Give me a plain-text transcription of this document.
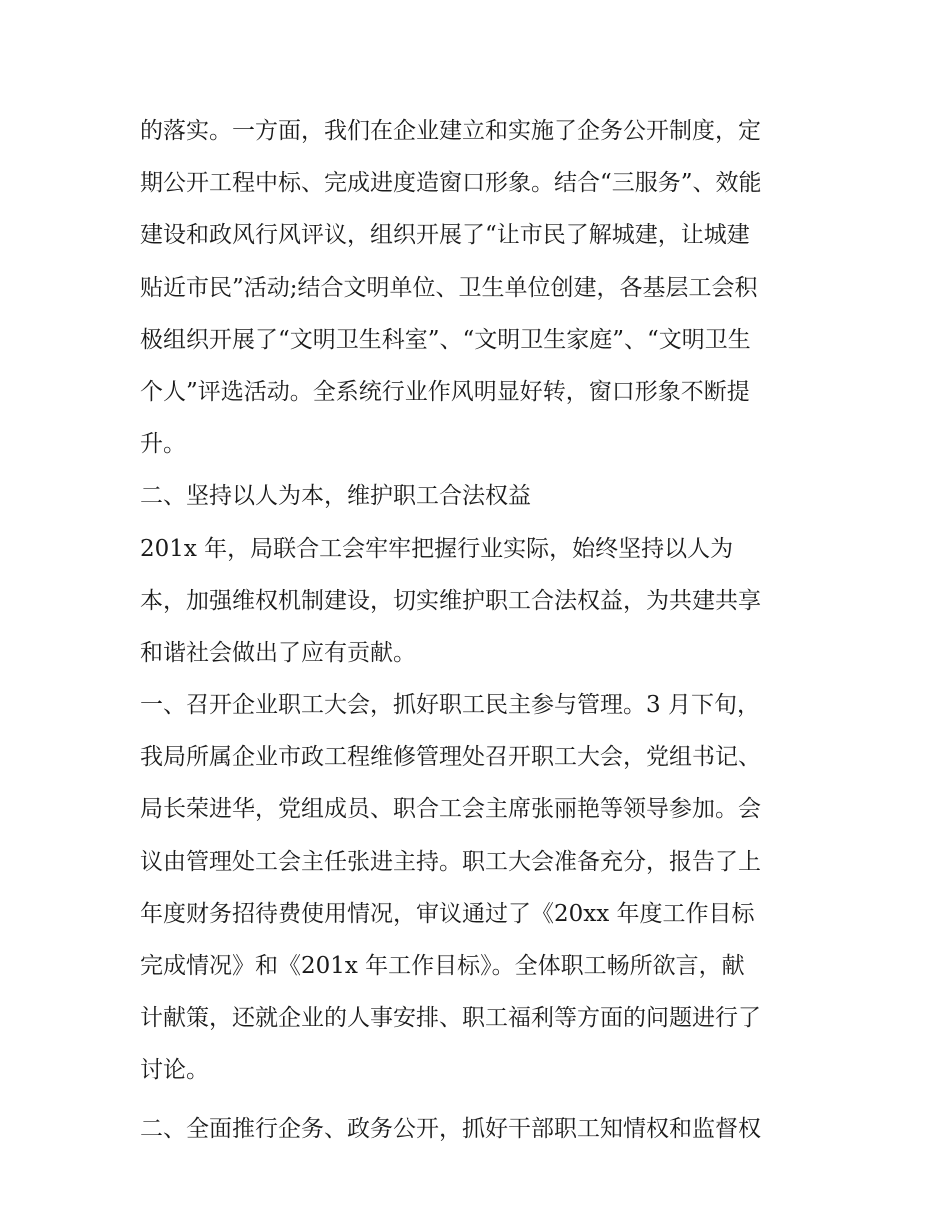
的落实。一方面，我们在企业建立和实施了企务公开制度，定

期公开工程中标、完成进度造窗口形象。结合“三服务”、效能

建设和政风行风评议，组织开展了“让市民了解城建，让城建

贴近市民”活动;结合文明单位、卫生单位创建，各基层工会积

极组织开展了“文明卫生科室”、“文明卫生家庭”、“文明卫生

个人”评选活动。全系统行业作风明显好转，窗口形象不断提

升。

二、坚持以人为本，维护职工合法权益

201x 年，局联合工会牢牢把握行业实际，始终坚持以人为

本，加强维权机制建设，切实维护职工合法权益，为共建共享

和谐社会做出了应有贡献。

一、召开企业职工大会，抓好职工民主参与管理。3 月下旬，

我局所属企业市政工程维修管理处召开职工大会，党组书记、

局长荣进华，党组成员、职合工会主席张丽艳等领导参加。会

议由管理处工会主任张进主持。职工大会准备充分，报告了上

年度财务招待费使用情况，审议通过了《20xx 年度工作目标

完成情况》和《201x 年工作目标》。全体职工畅所欲言，献

计献策，还就企业的人事安排、职工福利等方面的问题进行了

讨论。

二、全面推行企务、政务公开，抓好干部职工知情权和监督权
